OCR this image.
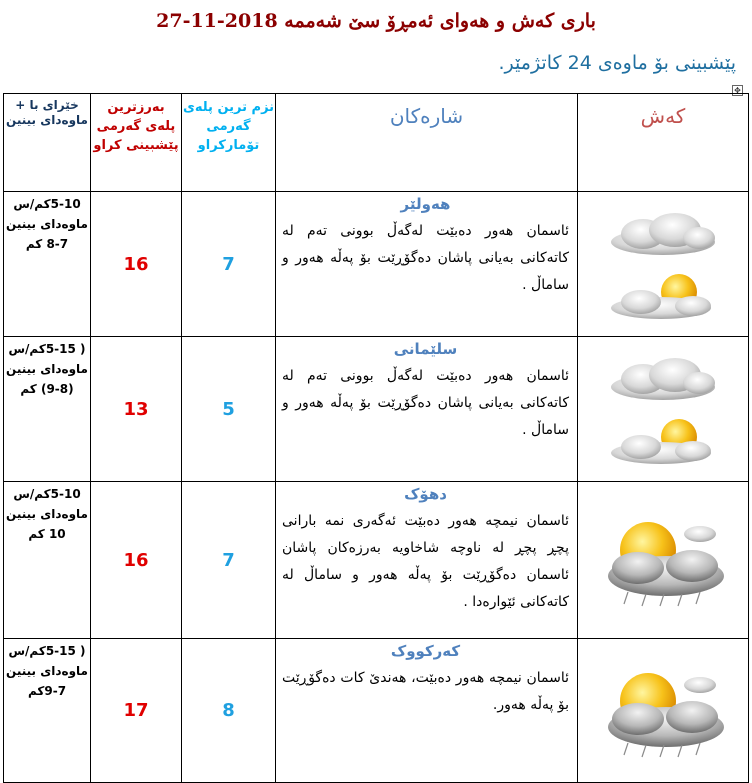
باری کەش و هەوای ئەمڕۆ سێ شەممە 2018-11-27
پێشبینی بۆ ماوەی 24 کاتژمێر.
✥
خێرای با + ماوەدای بینین	بەرزترین پلەی گەرمی پێشبینی کراو	نزم ترین پلەی گەرمی تۆمارکراو	شارەکان	کەش
5-10کم/س ماوەدای بینین 7-8 کم	16	7	هەولێر
ئاسمان هەور دەبێت لەگەڵ بوونی تەم لە کاتەکانی بەیانی پاشان دەگۆڕێت بۆ پەڵە هەور و ساماڵ .

( 5-15کم/س ماوەدای بینین (8-9) کم	13	5	سلێمانی
ئاسمان هەور دەبێت لەگەڵ بوونی تەم لە کاتەکانی بەیانی پاشان دەگۆڕێت بۆ پەڵە هەور و ساماڵ .

5-10کم/س ماوەدای بینین 10 کم	16	7	دهۆک
ئاسمان نیمچە هەور دەبێت ئەگەری نمە بارانی پچڕ پچڕ لە ناوچە شاخاویە بەرزەکان پاشان ئاسمان دەگۆڕێت بۆ پەڵە هەور و ساماڵ لە کاتەکانی ئێوارەدا .

( 5-15کم/س ماوەدای بینین 7-9کم	17	8	کەرکووک
ئاسمان نیمچە هەور دەبێت، هەندێ کات دەگۆڕێت بۆ پەڵە هەور.
